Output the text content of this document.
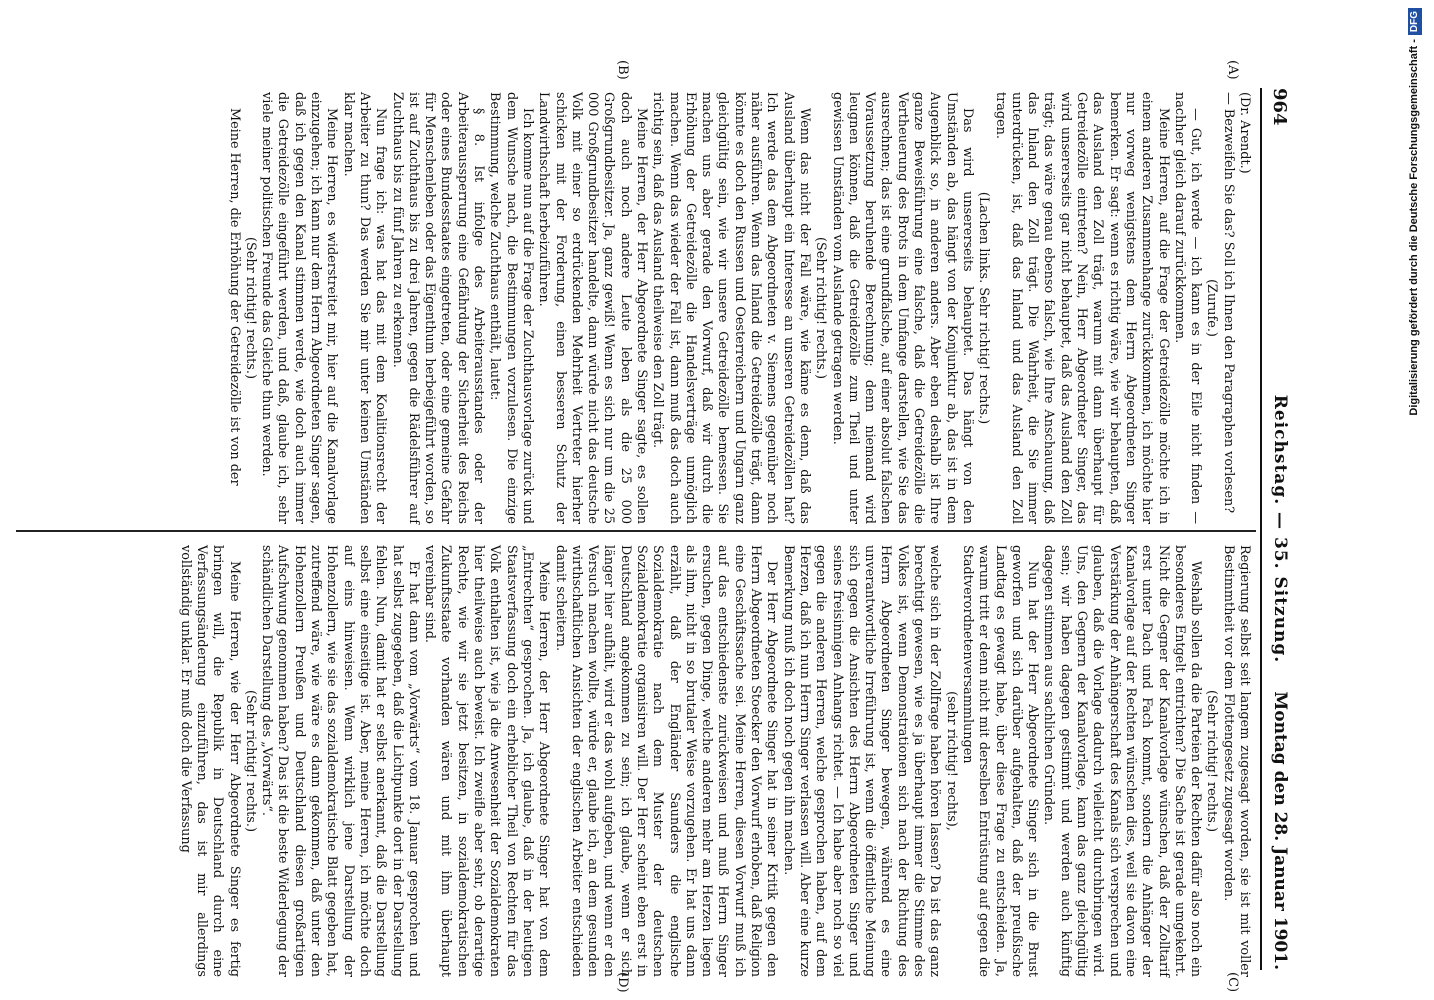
964
Reichstag. — 35. Sitzung.
Montag den 28. Januar 1901.
(A)
(B)
(C)
(D)

(Dr. Arendt.)

— Bezweifeln Sie das? Soll ich Ihnen den Paragraphen vorlesen?

(Zurufe.)

— Gut, ich werde — ich kann es in der Eile nicht finden — nachher gleich darauf zurückkommen.

Meine Herren, auf die Frage der Getreidezölle möchte ich in einem anderen Zusammenhange zurückkommen, ich möchte hier nur vorweg wenigstens dem Herrn Abgeordneten Singer bemerken. Er sagt: wenn es richtig wäre, wie wir behaupten, daß das Ausland den Zoll trägt, warum mit dann überhaupt für Getreidezölle eintreten? Nein, Herr Abgeordneter Singer, das wird unsererseits gar nicht behauptet, daß das Ausland den Zoll trägt; das wäre genau ebenso falsch, wie Ihre Anschauung, daß das Inland den Zoll trägt. Die Wahrheit, die Sie immer unterdrücken, ist, daß das Inland und das Ausland den Zoll tragen.

(Lachen links. Sehr richtig! rechts.)

Das wird unsererseits behauptet. Das hängt von den Umständen ab, das hängt von der Konjunktur ab, das ist in dem Augenblick so, in anderen anders. Aber eben deshalb ist Ihre ganze Beweisführung eine falsche, daß die Getreidezölle die Vertheuerung des Brots in dem Umfange darstellen, wie Sie das ausrechnen; das ist eine grundfalsche, auf einer absolut falschen Voraussetzung beruhende Berechnung; denn niemand wird leugnen können, daß die Getreidezölle zum Theil und unter gewissen Umständen vom Auslande getragen werden.

(Sehr richtig! rechts.)

Wenn das nicht der Fall wäre, wie käme es denn, daß das Ausland überhaupt ein Interesse an unseren Getreidezöllen hat? Ich werde das dem Abgeordneten v. Siemens gegenüber noch näher ausführen. Wenn das Inland die Getreidezölle trägt, dann könnte es doch den Russen und Oesterreichern und Ungarn ganz gleichgültig sein, wie wir unsere Getreidezölle bemessen. Sie machen uns aber gerade den Vorwurf, daß wir durch die Erhöhung der Getreidezölle die Handelsverträge unmöglich machen. Wenn das wieder der Fall ist, dann muß das doch auch richtig sein, daß das Ausland theilweise den Zoll trägt.

Meine Herren, der Herr Abgeordnete Singer sagte, es sollen doch auch noch andere Leute leben als die 25 000 Großgrundbesitzer. Ja, ganz gewiß! Wenn es sich nur um die 25 000 Großgrundbesitzer handelte, dann würde nicht das deutsche Volk mit einer so erdrückenden Mehrheit Vertreter hierher schicken mit der Forderung, einen besseren Schutz der Landwirthschaft herbeizuführen.

Ich komme nun auf die Frage der Zuchthausvorlage zurück und dem Wunsche nach, die Bestimmungen vorzulesen. Die einzige Bestimmung, welche Zuchthaus enthält, lautet:

§ 8. Ist infolge des Arbeiterausstandes oder der Arbeiteraussperrung eine Gefährdung der Sicherheit des Reichs oder eines Bundesstaates eingetreten, oder eine gemeine Gefahr für Menschenleben oder das Eigenthum herbeigeführt worden, so ist auf Zuchthaus bis zu drei Jahren, gegen die Rädelsführer auf Zuchthaus bis zu fünf Jahren zu erkennen.

Nun frage ich: was hat das mit dem Koalitionsrecht der Arbeiter zu thun? Das werden Sie mir unter keinen Umständen klar machen.

Meine Herren, es widerstreitet mir, hier auf die Kanalvorlage einzugehen; ich kann nur dem Herrn Abgeordneten Singer sagen, daß ich gegen den Kanal stimmen werde, wie doch auch immer die Getreidezölle eingeführt werden, und daß, glaube ich, sehr viele meiner politischen Freunde das Gleiche thun werden.

(Sehr richtig! rechts.)

Meine Herren, die Erhöhung der Getreidezölle ist von der

Regierung selbst seit langem zugesagt worden, sie ist mit voller Bestimmtheit vor dem Flottengesetz zugesagt worden.

(Sehr richtig! rechts.)

Weshalb sollen da die Parteien der Rechten dafür also noch ein besonderes Entgelt entrichten? Die Sache ist gerade umgekehrt. Nicht die Gegner der Kanalvorlage wünschen, daß der Zolltarif erst unter Dach und Fach kommt, sondern die Anhänger der Kanalvorlage auf der Rechten wünschen dies, weil sie davon eine Verstärkung der Anhängerschaft des Kanals sich versprechen und glauben, daß die Vorlage dadurch vielleicht durchbringen wird. Uns, den Gegnern der Kanalvorlage, kann das ganz gleichgültig sein; wir haben dagegen gestimmt und werden auch künftig dagegen stimmen aus sachlichen Gründen.

Nun hat der Herr Abgeordnete Singer sich in die Brust geworfen und sich darüber aufgehalten, daß der preußische Landtag es gewagt habe, über diese Frage zu entscheiden. Ja, warum tritt er denn nicht mit derselben Entrüstung auf gegen die Stadtverordnetenversammlungen

(sehr richtig! rechts),

welche sich in der Zollfrage haben hören lassen? Da ist das ganz berechtigt gewesen, wie es ja überhaupt immer die Stimme des Volkes ist, wenn Demonstrationen sich nach der Richtung des Herrn Abgeordneten Singer bewegen, während es eine unverantwortliche Irreführung ist, wenn die öffentliche Meinung sich gegen die Ansichten des Herrn Abgeordneten Singer und seines freisinnigen Anhangs richtet. — Ich habe aber noch so viel gegen die anderen Herren, welche gesprochen haben, auf dem Herzen, daß ich nun Herrn Singer verlassen will. Aber eine kurze Bemerkung muß ich doch noch gegen ihn machen.

Der Herr Abgeordnete Singer hat in seiner Kritik gegen den Herrn Abgeordneten Stoecker den Vorwurf erhoben, daß Religion eine Geschäftssache sei. Meine Herren, diesen Vorwurf muß ich auf das entschiedenste zurückweisen und muß Herrn Singer ersuchen, gegen Dinge, welche anderen mehr am Herzen liegen als ihm, nicht in so brutaler Weise vorzugehen. Er hat uns dann erzählt, daß der Engländer Saunders die englische Sozialdemokratie nach dem Muster der deutschen Sozialdemokratie organisiren will. Der Herr scheint eben erst in Deutschland angekommen zu sein; ich glaube, wenn er sich länger hier aufhält, wird er das wohl aufgeben, und wenn er den Versuch machen wollte, würde er, glaube ich, an dem gesunden wirthschaftlichen Ansichten der englischen Arbeiter entschieden damit scheitern.

Meine Herren, der Herr Abgeordnete Singer hat von dem „Entrechten“ gesprochen. Ja, ich glaube, daß in der heutigen Staatsverfassung doch ein erheblicher Theil von Rechten für das Volk enthalten ist, wie ja die Anwesenheit der Sozialdemokraten hier theilweise auch beweist. Ich zweifle aber sehr, ob derartige Rechte, wie wir sie jetzt besitzen, in sozialdemokratischen Zukunftsstaate vorhanden wären und mit ihm überhaupt vereinbar sind.

Er hat dann vom „Vorwärts“ vom 18. Januar gesprochen und hat selbst zugegeben, daß die Lichtpunkte dort in der Darstellung fehlen. Nun, damit hat er selbst anerkannt, daß die Darstellung selbst eine einseitige ist. Aber, meine Herren, ich möchte doch auf eins hinweisen. Wenn wirklich jene Darstellung der Hohenzollern, wie sie das sozialdemokratische Blatt gegeben hat, zutreffend wäre, wie wäre es dann gekommen, daß unter den Hohenzollern Preußen und Deutschland diesen großartigen Aufschwung genommen haben? Das ist die beste Widerlegung der schändlichen Darstellung des „Vorwärts“.

(Sehr richtig! rechts.)

Meine Herren, wie der Herr Abgeordnete Singer es fertig bringen will, die Republik in Deutschland durch eine Verfassungsänderung einzuführen, das ist mir allerdings vollständig unklar. Er muß doch die Verfassung

Digitalisierung gefördert durch die Deutsche Forschungsgemeinschaft -DFG
